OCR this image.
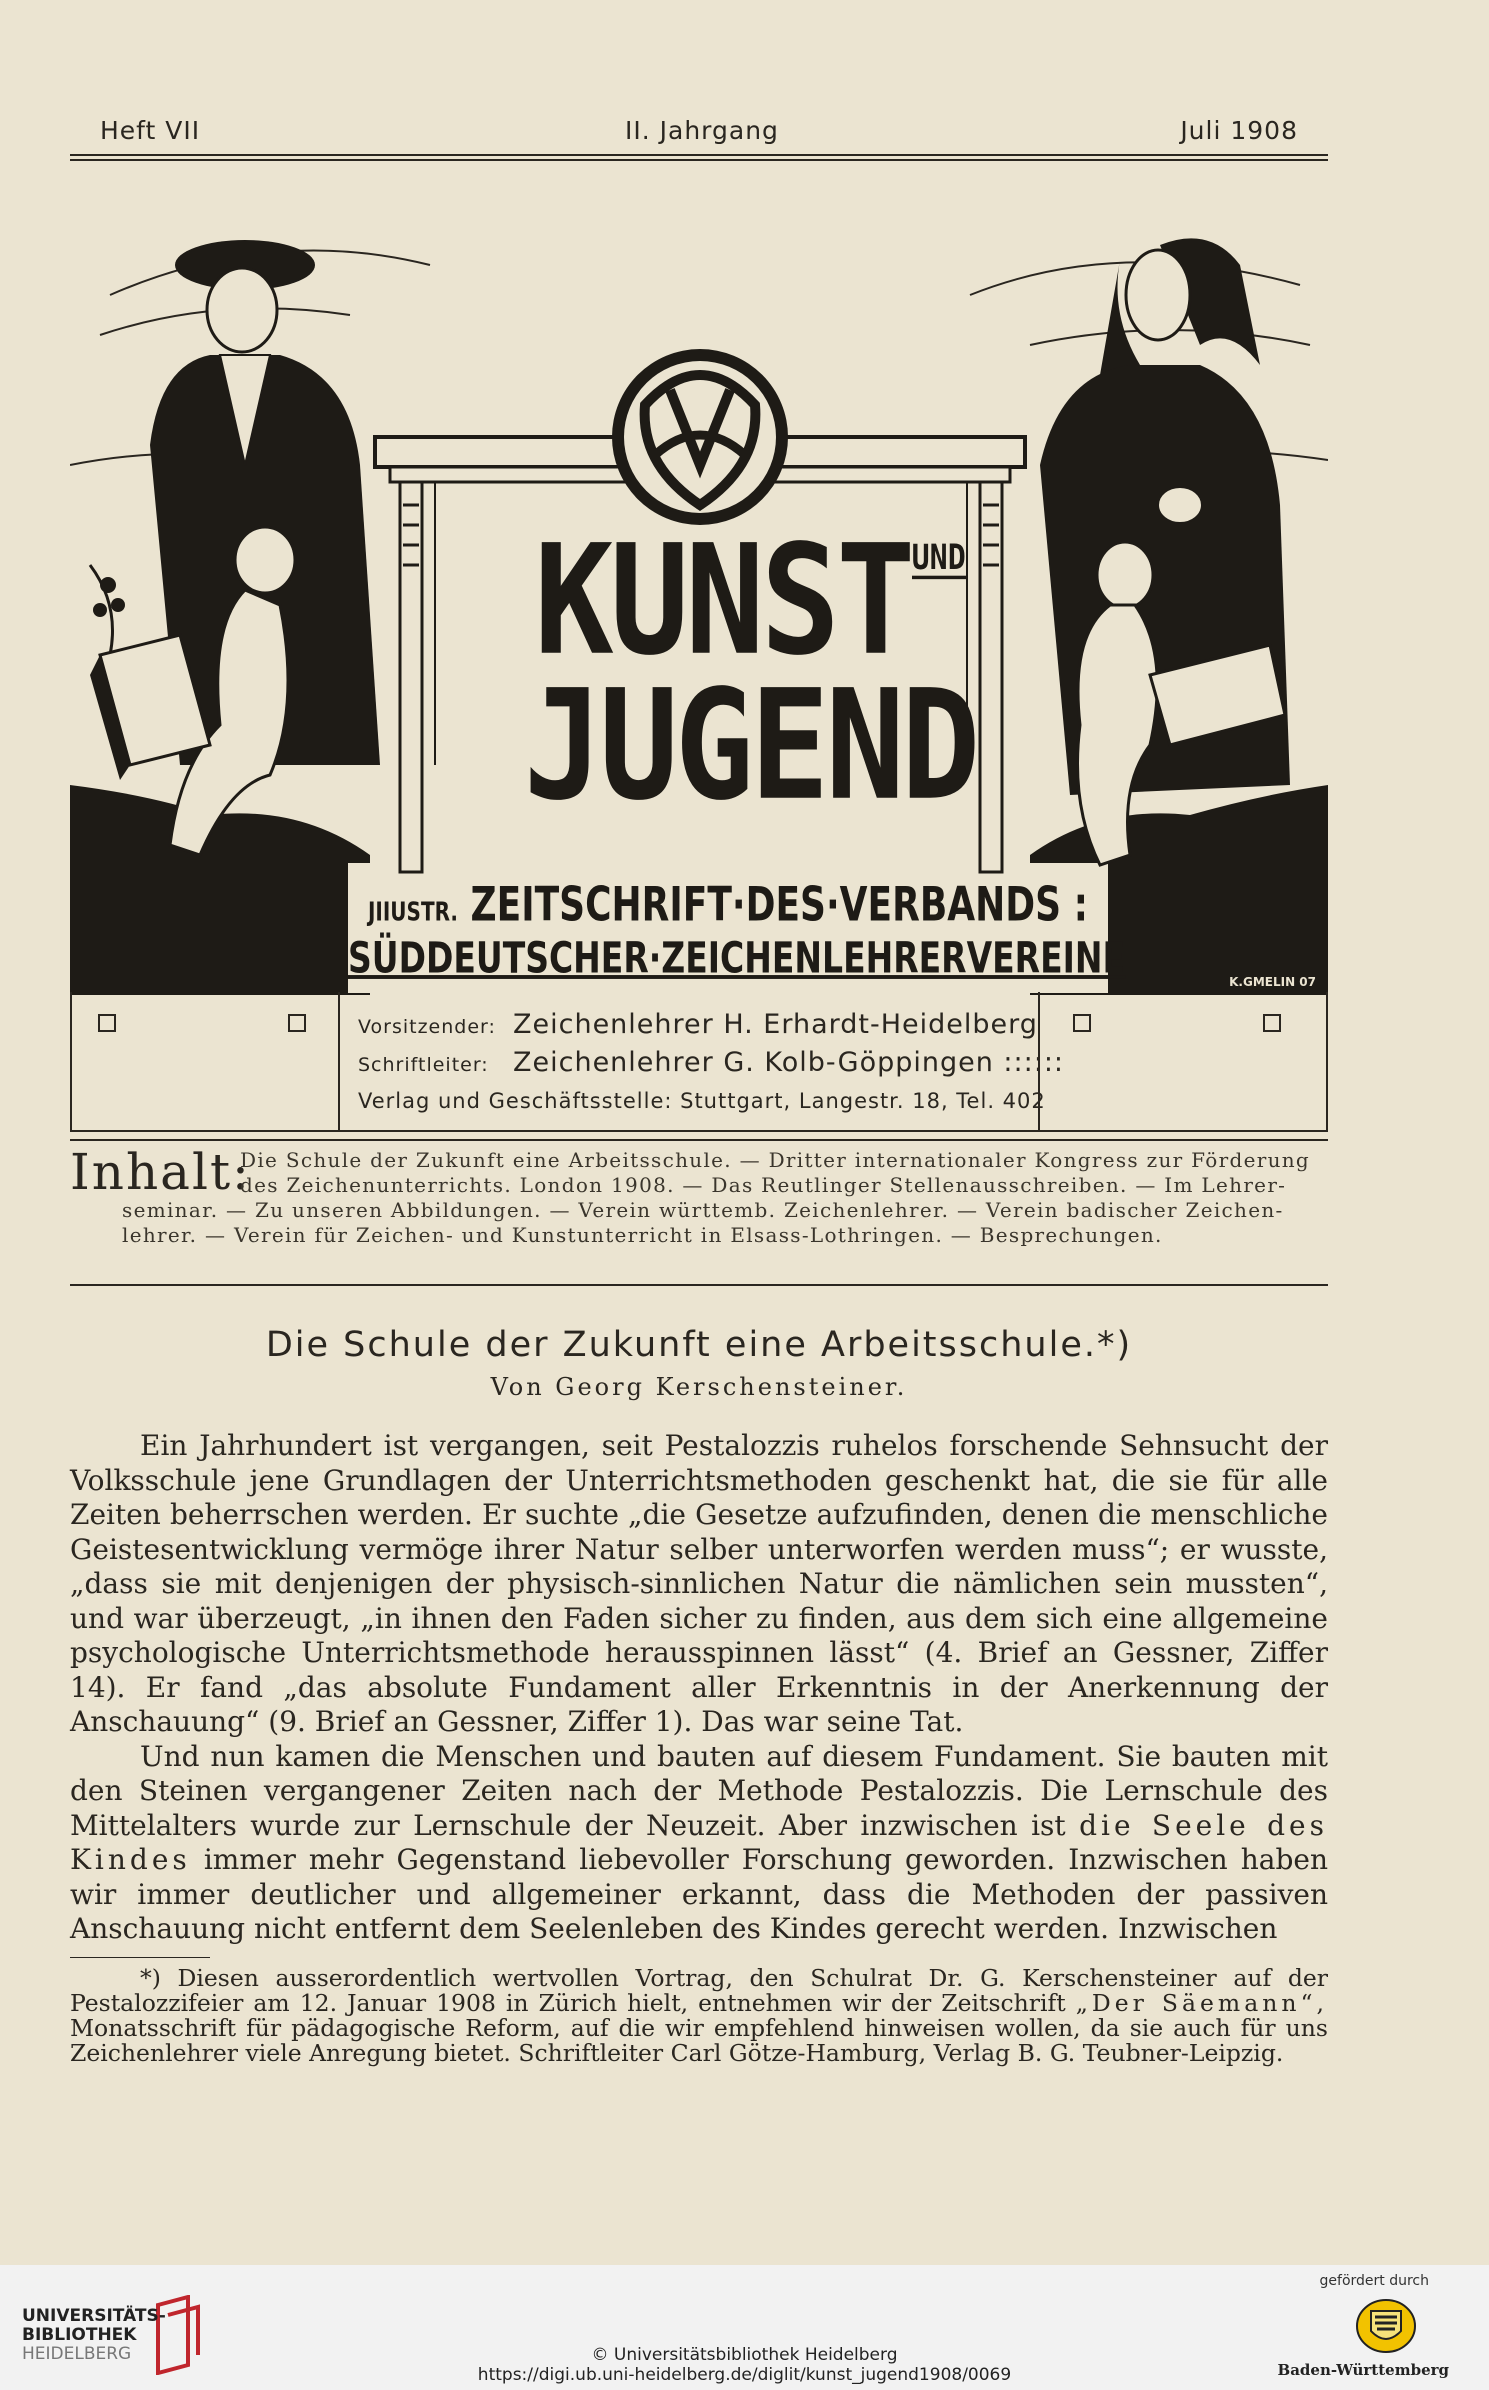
Heft VII	II. Jahrgang	Juli 1908
KUNSTUND
JUGEND
JIIUSTR. ZEITSCHRIFT·DES·VERBANDS :
SÜDDEUTSCHER·ZEICHENLEHRERVEREINE	K.GMELIN 07
Vorsitzender: Zeichenlehrer H. Erhardt-Heidelberg
Schriftleiter: Zeichenlehrer G. Kolb-Göppingen ::::::
Verlag und Geschäftsstelle: Stuttgart, Langestr. 18, Tel. 402
Inhalt:
Die Schule der Zukunft eine Arbeitsschule. — Dritter internationaler Kongress zur Förderung
des Zeichenunterrichts. London 1908. — Das Reutlinger Stellenausschreiben. — Im Lehrer-
seminar. — Zu unseren Abbildungen. — Verein württemb. Zeichenlehrer. — Verein badischer Zeichen-
lehrer. — Verein für Zeichen- und Kunstunterricht in Elsass-Lothringen. — Besprechungen.
Die Schule der Zukunft eine Arbeitsschule.*)
Von Georg Kerschensteiner.

Ein Jahrhundert ist vergangen, seit Pestalozzis ruhelos forschende Sehnsucht der Volksschule jene Grundlagen der Unterrichtsmethoden geschenkt hat, die sie für alle Zeiten beherrschen werden. Er suchte „die Gesetze aufzufinden, denen die menschliche Geistesentwicklung vermöge ihrer Natur selber unterworfen werden muss“; er wusste, „dass sie mit denjenigen der physisch-sinnlichen Natur die nämlichen sein mussten“, und war überzeugt, „in ihnen den Faden sicher zu finden, aus dem sich eine allgemeine psychologische Unterrichtsmethode herausspinnen lässt“ (4. Brief an Gessner, Ziffer 14). Er fand „das absolute Fundament aller Erkenntnis in der Anerkennung der Anschauung“ (9. Brief an Gessner, Ziffer 1). Das war seine Tat.

Und nun kamen die Menschen und bauten auf diesem Fundament. Sie bauten mit den Steinen vergangener Zeiten nach der Methode Pestalozzis. Die Lernschule des Mittelalters wurde zur Lernschule der Neuzeit. Aber inzwischen ist die Seele des Kindes immer mehr Gegenstand liebevoller Forschung geworden. Inzwischen haben wir immer deutlicher und allgemeiner erkannt, dass die Methoden der passiven Anschauung nicht entfernt dem Seelenleben des Kindes gerecht werden. Inzwischen

*) Diesen ausserordentlich wertvollen Vortrag, den Schulrat Dr. G. Kerschensteiner auf der Pestalozzifeier am 12. Januar 1908 in Zürich hielt, entnehmen wir der Zeitschrift „Der Säemann“, Monatsschrift für pädagogische Reform, auf die wir empfehlend hinweisen wollen, da sie auch für uns Zeichenlehrer viele Anregung bietet. Schriftleiter Carl Götze-Hamburg, Verlag B. G. Teubner-Leipzig.

UNIVERSITÄTS-
BIBLIOTHEK
HEIDELBERG	© Universitätsbibliothek Heidelberg
https://digi.ub.uni-heidelberg.de/diglit/kunst_jugend1908/0069
gefördert durch
Baden-Württemberg
